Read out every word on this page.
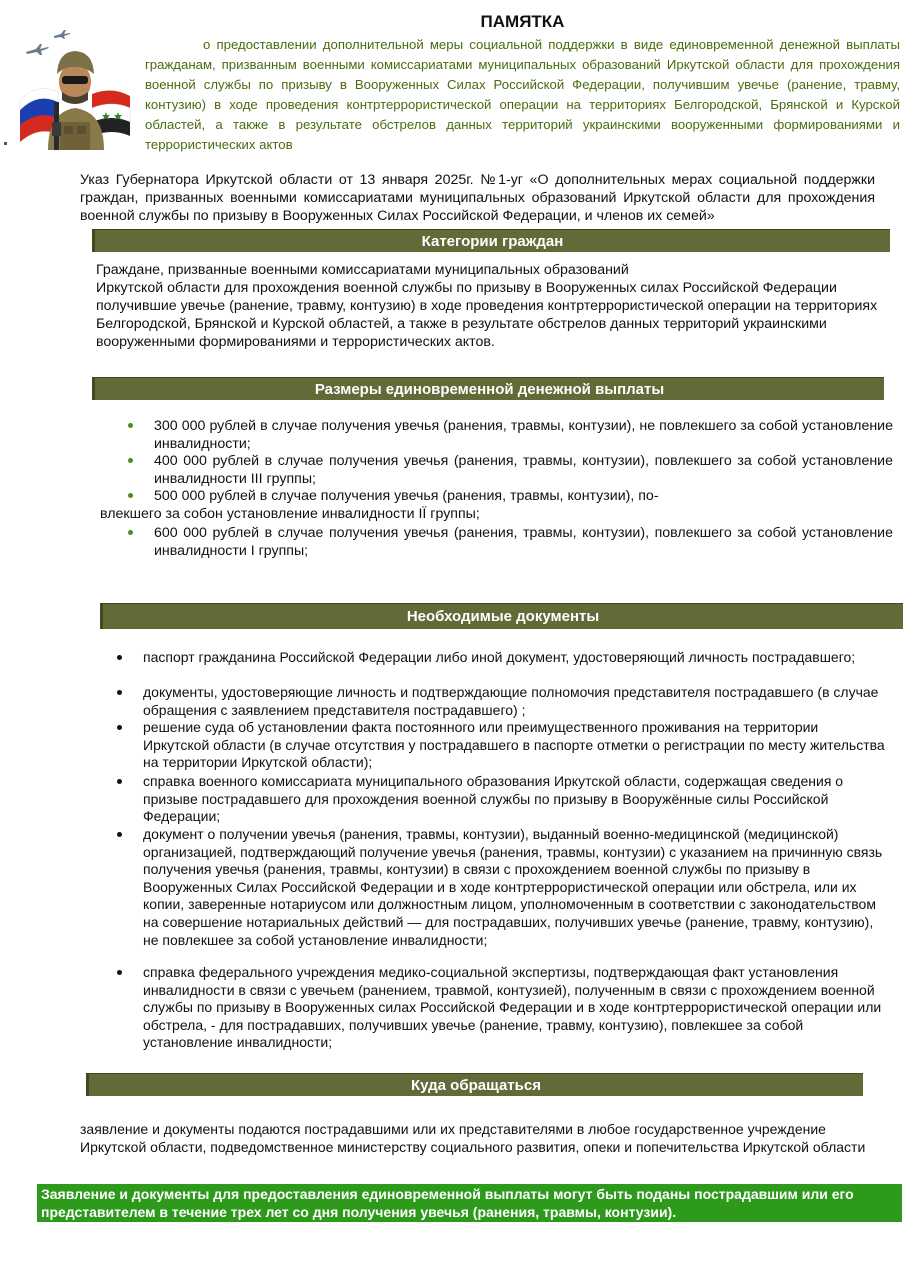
ПАМЯТКА
о предоставлении дополнительной меры социальной поддержки в виде единовременной денежной выплаты гражданам, призванным военными комиссариатами муниципальных образований Иркутской области для прохождения военной службы по призыву в Вооруженных Силах Российской Федерации, получившим увечье (ранение, травму, контузию) в ходе проведения контртеррористической операции на территориях Белгородской, Брянской и Курской областей, а также в результате обстрелов данных территорий украинскими вооруженными формированиями и террористических актов
Указ Губернатора Иркутской области от 13 января 2025г. №1-уг «О дополнительных мерах социальной поддержки граждан, призванных военными комиссариатами муниципальных образований Иркутской области для прохождения военной службы по призыву в Вооруженных Силах Российской Федерации, и членов их семей»
Категории граждан
Граждане, призванные военными комиссариатами муниципальных образований
Иркутской области для прохождения военной службы по призыву в Вооруженных силах Российской Федерации получившие увечье (ранение, травму, контузию) в ходе проведения контртеррористической операции на территориях Белгородской, Брянской и Курской областей, а также в результате обстрелов данных территорий украинскими вооруженными формированиями и террористических актов.
Размеры единовременной денежной выплаты
300 000 рублей в случае получения увечья (ранения, травмы, контузии), не повлекшего за собой установление инвалидности;
400 000 рублей в случае получения увечья (ранения, травмы, контузии), повлекшего за собой установление инвалидности III группы;
500 000 рублей в случае получения увечья (ранения, травмы, контузии), по-
влекшего за собон установление инвалидности IЇ группы;
600 000 рублей в случае получения увечья (ранения, травмы, контузии), повлекшего за собой установление инвалидности I группы;
Необходимые документы
паспорт гражданина Российской Федерации либо иной документ, удостоверяющий личность пострадавшего;
документы, удостоверяющие личность и подтверждающие полномочия представителя пострадавшего (в случае обращения с заявлением представителя пострадавшего) ;
решение суда об установлении факта постоянного или преимущественного проживания на территории Иркутской области (в случае отсутствия у пострадавшего в паспорте отметки о регистрации по месту жительства на территории Иркутской области);
справка военного комиссариата муниципального образования Иркутской области, содержащая сведения о призыве пострадавшего для прохождения военной службы по призыву в Вооружённые силы Российской Федерации;
документ о получении увечья (ранения, травмы, контузии), выданный военно-медицинской (медицинской) организацией, подтверждающий получение увечья (ранения, травмы, контузии) с указанием на причинную связь получения увечья (ранения, травмы, контузии) в связи с прохождением военной службы по призыву в Вооруженных Силах Российской Федерации и в ходе контртеррористической операции или обстрела, или их копии, заверенные нотариусом или должностным лицом, уполномоченным в соответствии с законодательством на совершение нотариальных действий — для пострадавших, получивших увечье (ранение, травму, контузию), не повлекшее за собой установление инвалидности;
справка федерального учреждения медико-социальной экспертизы, подтверждающая факт установления инвалидности в связи с увечьем (ранением, травмой, контузией), полученным в связи с прохождением военной службы по призыву в Вооруженных силах Российской Федерации и в ходе контртеррористической операции или обстрела, - для пострадавших, получивших увечье (ранение, травму, контузию), повлекшее за собой установление инвалидности;
Куда обращаться
заявление и документы подаются пострадавшими или их представителями в любое государственное учреждение Иркутской области, подведомственное министерству социального развития, опеки и попечительства Иркутской области
Заявление и документы для предоставления единовременной выплаты могут быть поданы пострадавшим или его представителем в течение трех лет со дня получения увечья (ранения, травмы, контузии).
